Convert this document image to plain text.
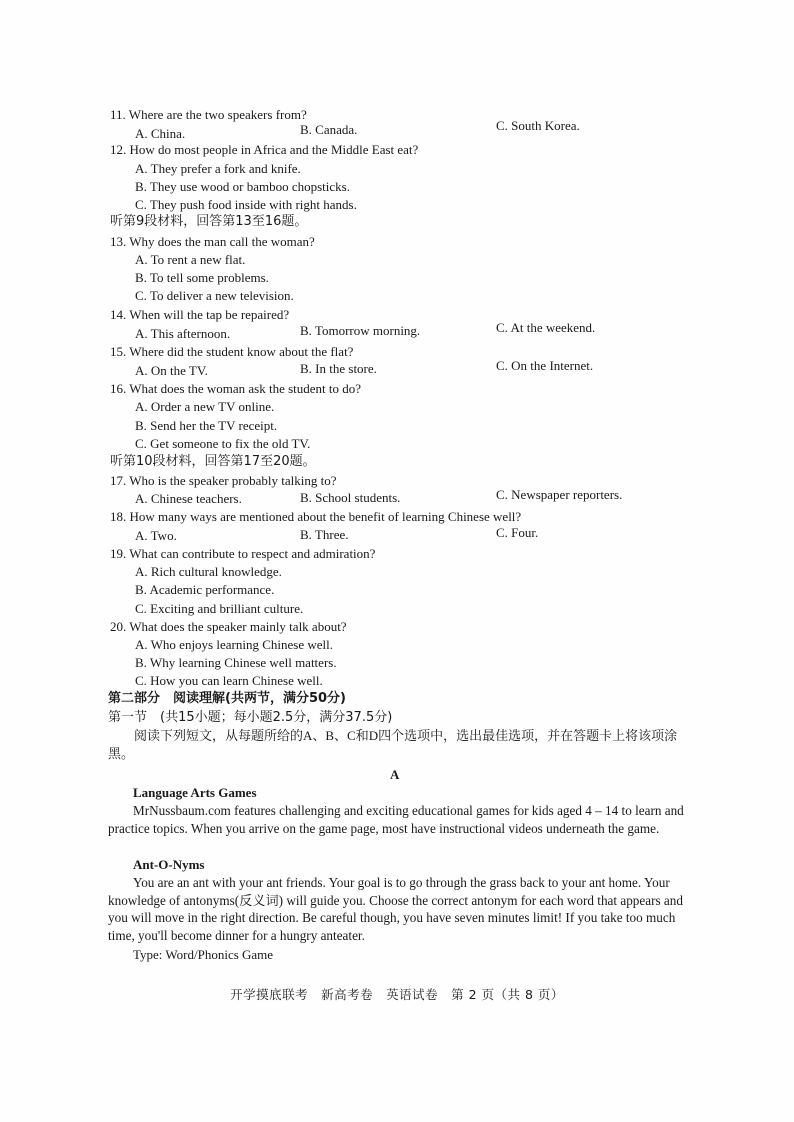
11. Where are the two speakers from?
A. China.	B. Canada.	C. South Korea.
12. How do most people in Africa and the Middle East eat?
A. They prefer a fork and knife.
B. They use wood or bamboo chopsticks.
C. They push food inside with right hands.
听第9段材料，回答第13至16题。
13. Why does the man call the woman?
A. To rent a new flat.
B. To tell some problems.
C. To deliver a new television.
14. When will the tap be repaired?
A. This afternoon.	B. Tomorrow morning.	C. At the weekend.
15. Where did the student know about the flat?
A. On the TV.	B. In the store.	C. On the Internet.
16. What does the woman ask the student to do?
A. Order a new TV online.
B. Send her the TV receipt.
C. Get someone to fix the old TV.
听第10段材料，回答第17至20题。
17. Who is the speaker probably talking to?
A. Chinese teachers.	B. School students.	C. Newspaper reporters.
18. How many ways are mentioned about the benefit of learning Chinese well?
A. Two.	B. Three.	C. Four.
19. What can contribute to respect and admiration?
A. Rich cultural knowledge.
B. Academic performance.
C. Exciting and brilliant culture.
20. What does the speaker mainly talk about?
A. Who enjoys learning Chinese well.
B. Why learning Chinese well matters.
C. How you can learn Chinese well.
第二部分　阅读理解(共两节，满分50分)
第一节　(共15小题；每小题2.5分，满分37.5分)
阅读下列短文，从每题所给的A、B、C和D四个选项中，选出最佳选项，并在答题卡上将该项涂黑。
A
Language Arts Games
MrNussbaum.com features challenging and exciting educational games for kids aged 4 – 14 to learn and practice topics. When you arrive on the game page, most have instructional videos underneath the game.
Ant-O-Nyms
You are an ant with your ant friends. Your goal is to go through the grass back to your ant home. Your knowledge of antonyms(反义词) will guide you. Choose the correct antonym for each word that appears and you will move in the right direction. Be careful though, you have seven minutes limit! If you take too much time, you'll become dinner for a hungry anteater.
Type: Word/Phonics Game
开学摸底联考　新高考卷　英语试卷　第 2 页（共 8 页）
